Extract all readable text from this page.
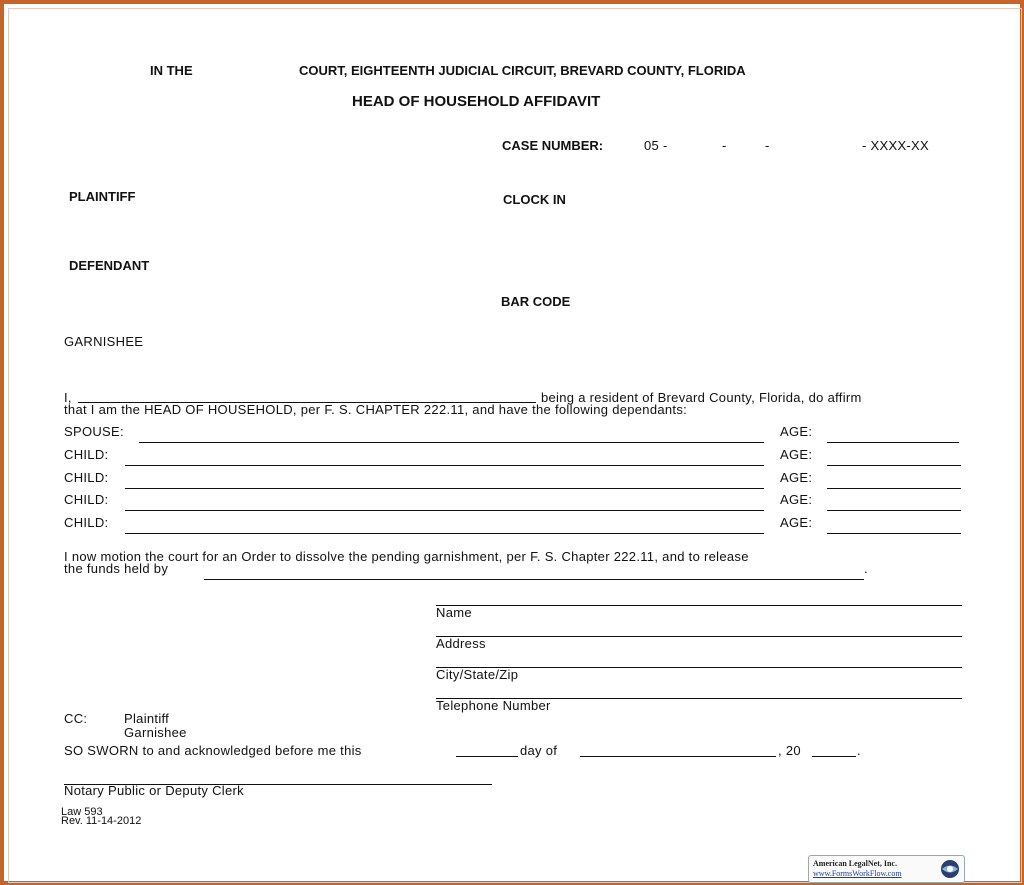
IN THE	COURT, EIGHTEENTH JUDICIAL CIRCUIT, BREVARD COUNTY, FLORIDA
HEAD OF HOUSEHOLD AFFIDAVIT
CASE NUMBER:	05 -	-	-	- XXXX-XX
PLAINTIFF	CLOCK IN
DEFENDANT
BAR CODE
GARNISHEE
I,	being a resident of Brevard County, Florida, do affirm
that I am the HEAD OF HOUSEHOLD, per F. S. CHAPTER 222.11, and have the following dependants:
SPOUSE:	AGE:
CHILD:	AGE:
CHILD:	AGE:
CHILD:	AGE:
CHILD:	AGE:
I now motion the court for an Order to dissolve the pending garnishment, per F. S. Chapter 222.11, and to release
the funds held by	.
Name
Address
City/State/Zip
Telephone Number
CC:	Plaintiff
Garnishee
SO SWORN to and acknowledged before me this	day of	, 20	.
Notary Public or Deputy Clerk
Law 593
Rev. 11-14-2012
American LegalNet, Inc.
www.FormsWorkFlow.com
